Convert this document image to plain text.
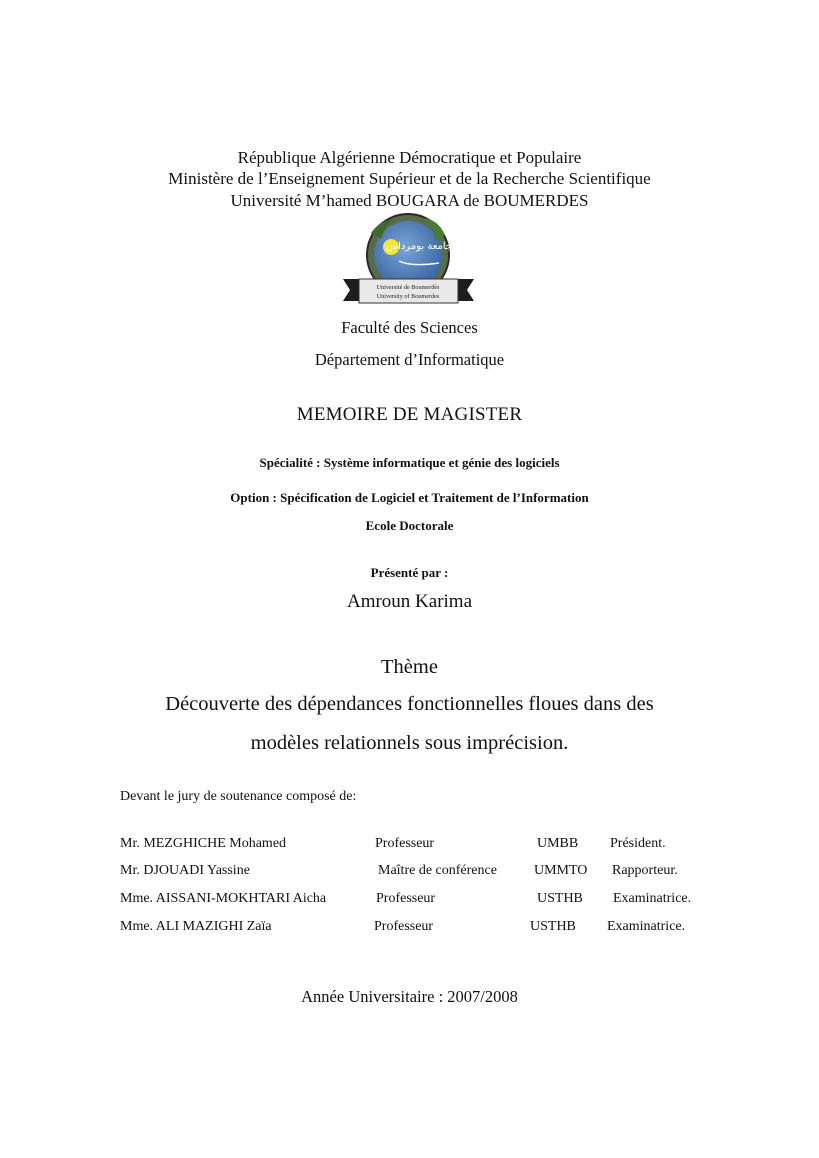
République Algérienne Démocratique et Populaire
Ministère de l’Enseignement Supérieur et de la Recherche Scientifique
Université M’hamed BOUGARA de BOUMERDES
جامعة بومرداس
Université de Boumerdès
University of Boumerdes
Faculté des Sciences
Département d’Informatique
MEMOIRE DE MAGISTER
Spécialité : Système informatique et génie des logiciels
Option : Spécification de Logiciel et Traitement de l’Information
Ecole Doctorale
Présenté par :
Amroun Karima
Thème
Découverte des dépendances fonctionnelles floues dans des
modèles relationnels sous imprécision.
Devant le jury de soutenance composé de:
Mr. MEZGHICHE Mohamed	Professeur	UMBB Président.
Mr. DJOUADI Yassine	Maître de conférence	UMMTO Rapporteur.
Mme. AISSANI-MOKHTARI Aicha	Professeur	USTHB Examinatrice.
Mme. ALI MAZIGHI Zaïa	Professeur	USTHB Examinatrice.
Année Universitaire : 2007/2008
